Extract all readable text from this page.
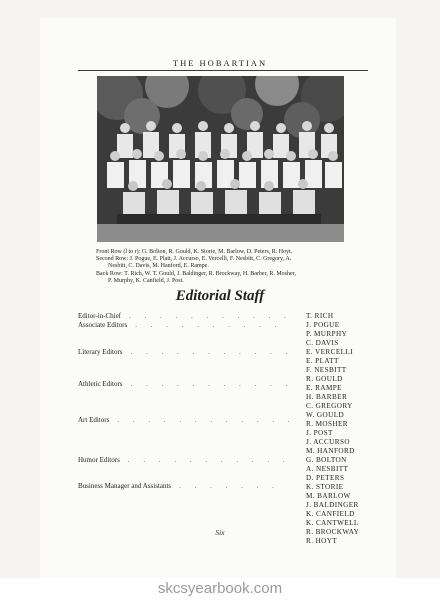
THE HOBARTIAN
Front Row (l to r): G. Bolton, R. Gould, K. Storie, M. Barlow, D. Peters, R. Hoyt.
Second Row: J. Pogue, E. Platt, J. Accurso, E. Vercelli, F. Nesbitt, C. Gregory, A.

Nesbitt, C. Davis, M. Hanford, E. Rampe.
Back Row: T. Rich, W. T. Gould, J. Baldinger, R. Brockway, H. Barber, R. Mosher,

P. Murphy, K. Canfield, J. Post.
Editorial Staff
Editor-in-Chief . . . . . . . . . . .
Associate Editors . . . . . . . . . .
Literary Editors . . . . . . . . . . .
Athletic Editors . . . . . . . . . . .
Art Editors . . . . . . . . . . . .
Humor Editors . . . . . . . . . . .
Business Manager and Assistants . . . . . . .
T. RICH
J. POGUE
P. MURPHY
C. DAVIS
E. VERCELLI
E. PLATT
F. NESBITT
R. GOULD
E. RAMPE
H. BARBER
C. GREGORY
W. GOULD
R. MOSHER
J. POST
J. ACCURSO
M. HANFORD
G. BOLTON
A. NESBITT
D. PETERS
K. STORIE
M. BARLOW
J. BALDINGER
K. CANFIELD
K. CANTWELL
R. BROCKWAY
R. HOYT
Six
skcsyearbook.com
